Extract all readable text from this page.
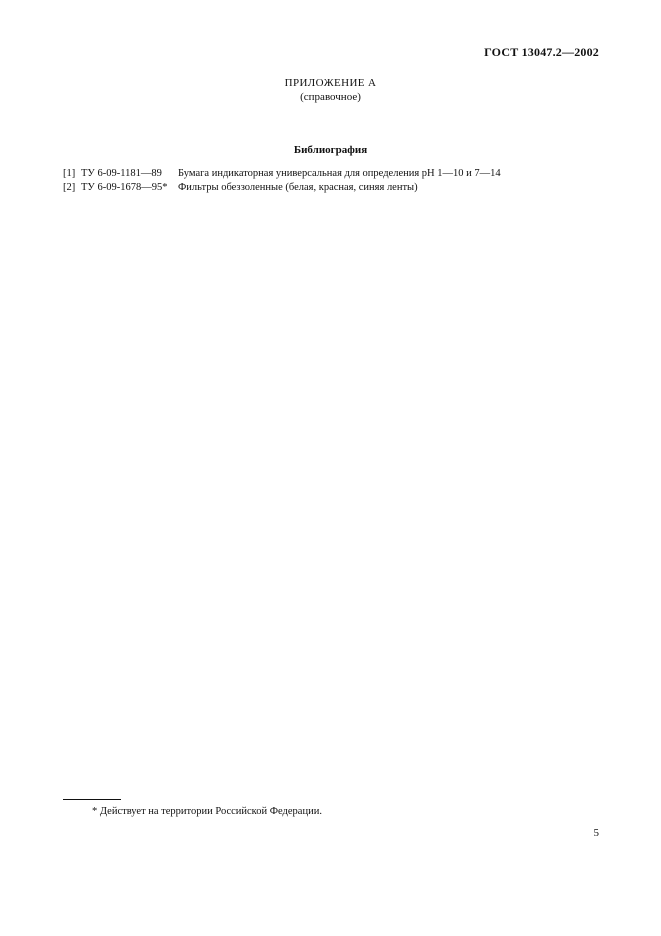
ГОСТ 13047.2—2002
ПРИЛОЖЕНИЕ А
(справочное)
Библиография
[1] ТУ 6-09-1181—89	Бумага индикаторная универсальная для определения рН 1—10 и 7—14
[2] ТУ 6-09-1678—95*	Фильтры обеззоленные (белая, красная, синяя ленты)
* Действует на территории Российской Федерации.
5
